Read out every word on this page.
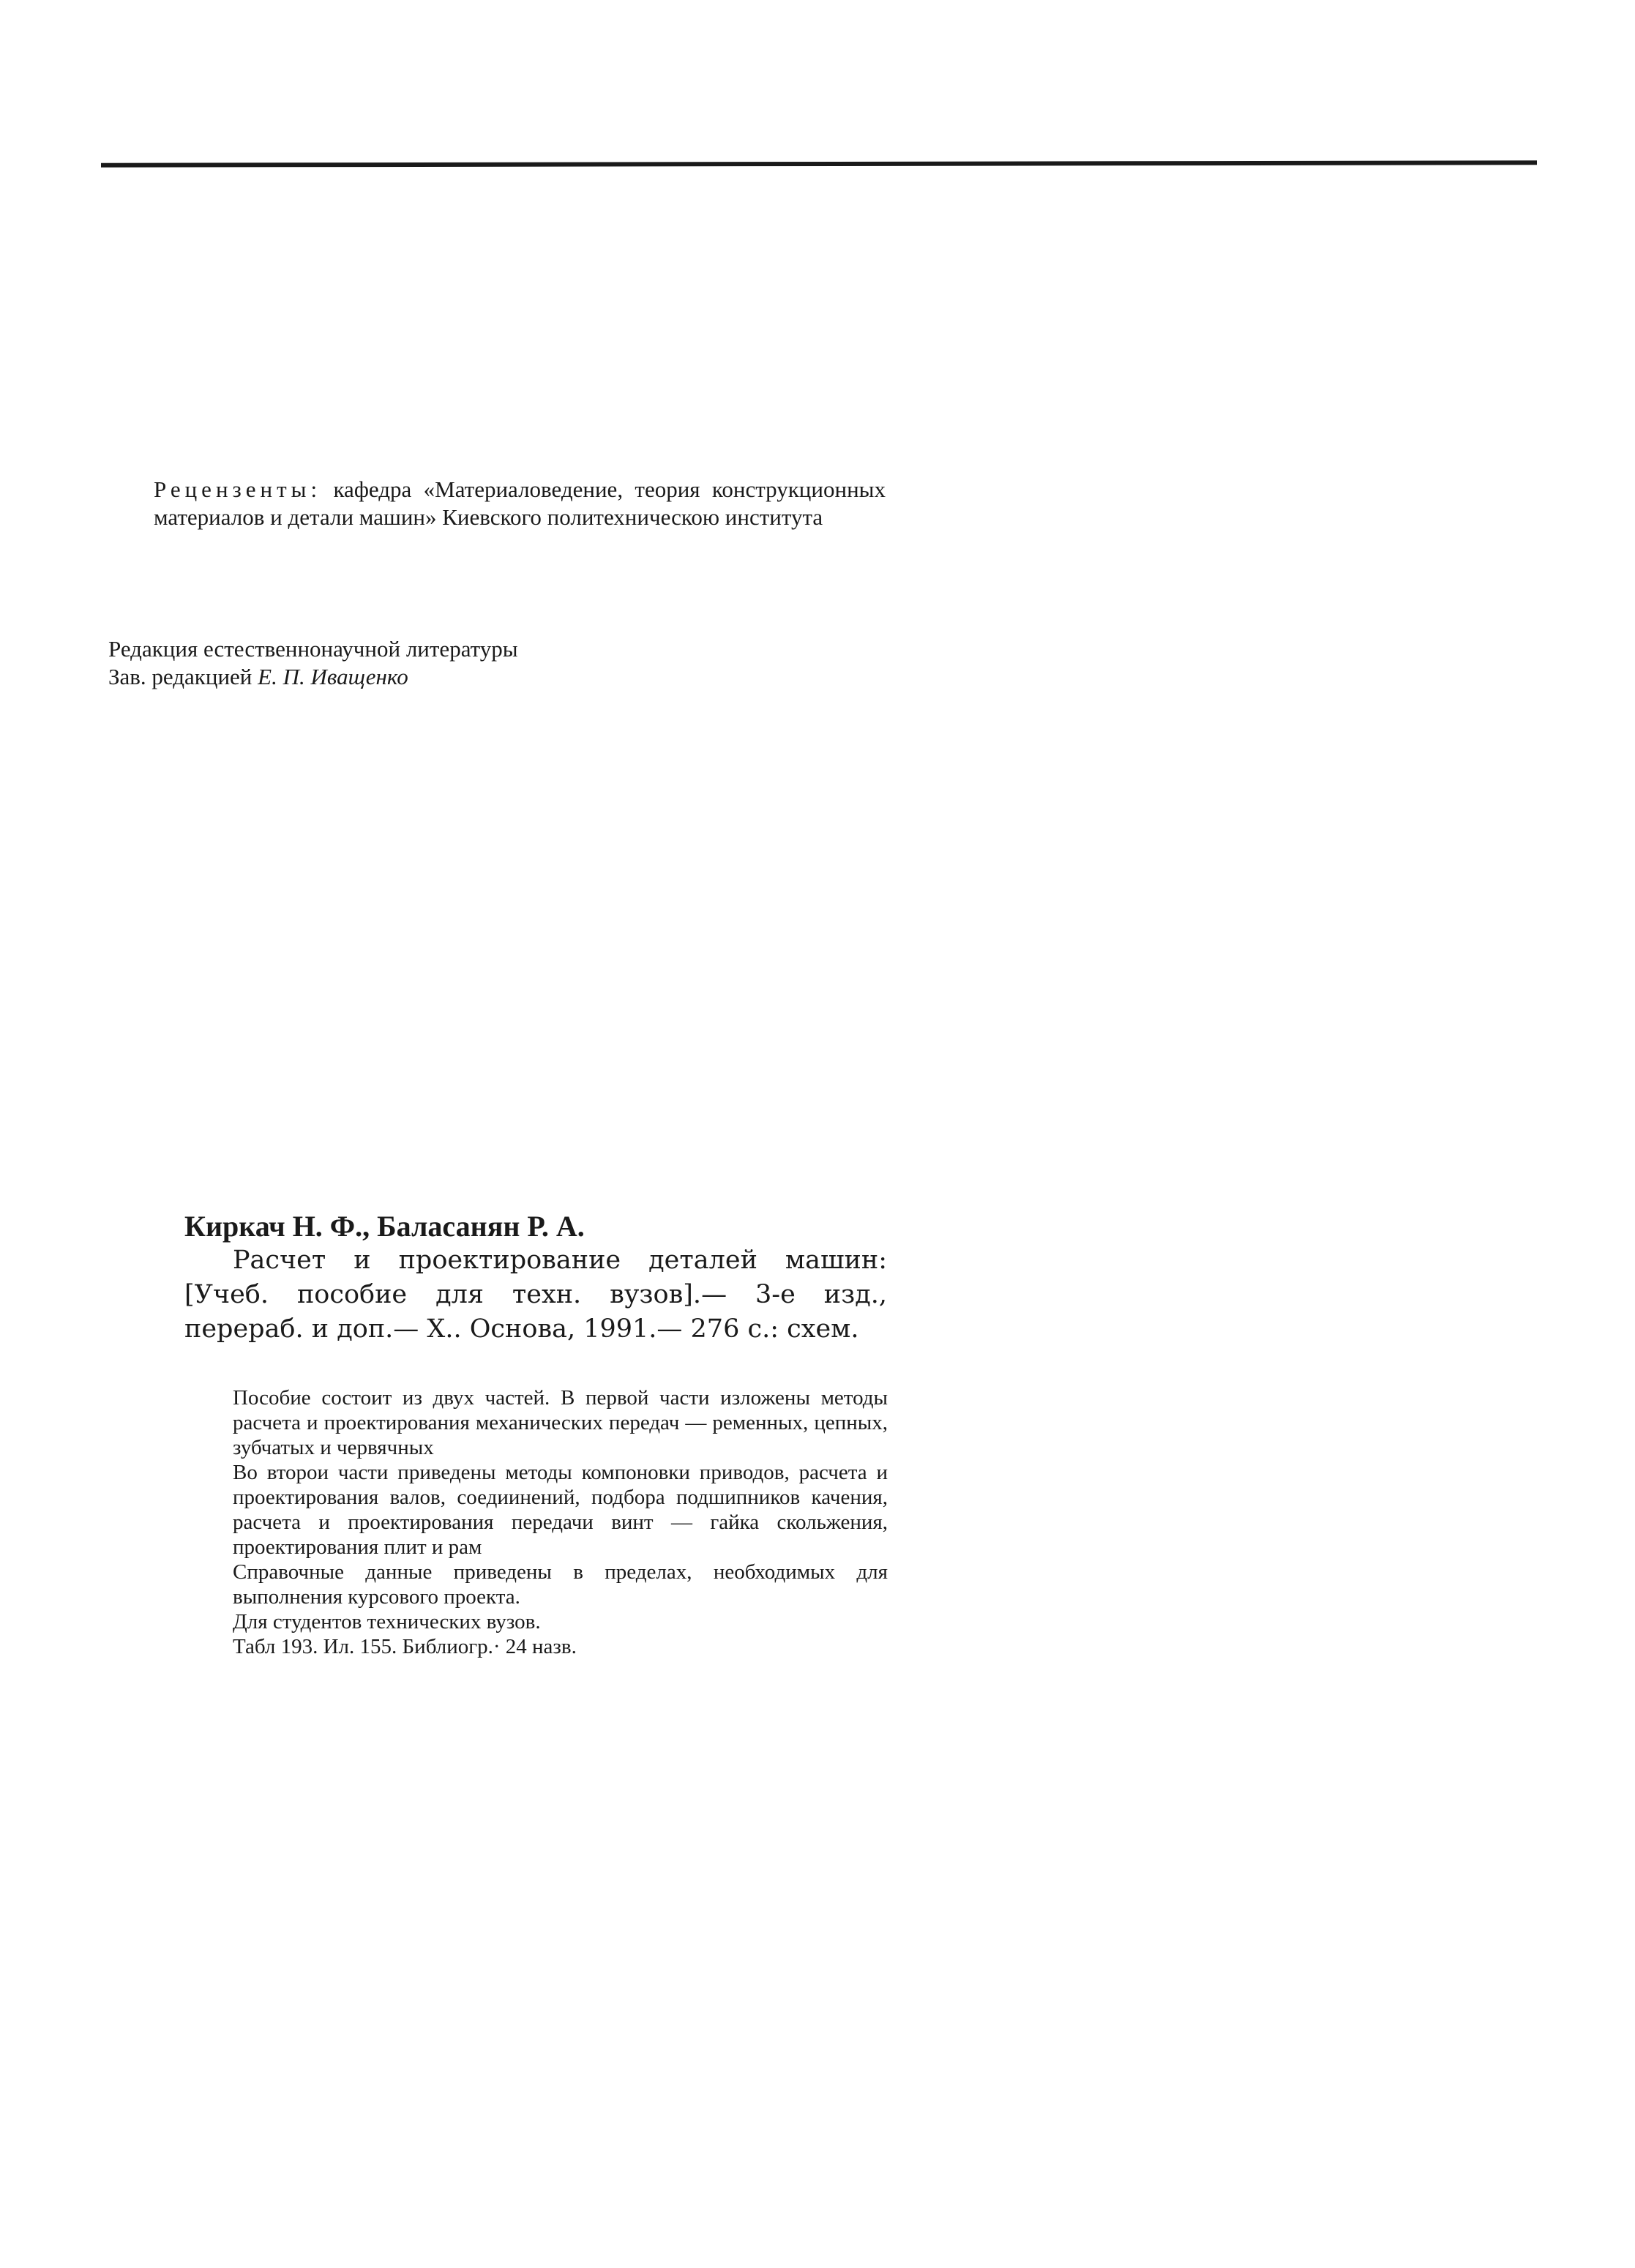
Рецензенты: кафедра «Материаловедение, теория конструкционных материалов и детали машин» Киевского политехническою института

Редакция естественнонаучной литературы

Зав. редакцией Е. П. Иващенко

Киркач Н. Ф., Баласанян Р. А.

Расчет и проектирование деталей машин: [Учеб. пособие для техн. вузов].— 3-е изд., перераб. и доп.— X.. Основа, 1991.— 276 с.: схем.

Пособие состоит из двух частей. В первой части изложены методы расчета и проектирования механических передач — ременных, цепных, зубчатых и червячных

Во второи части приведены методы компоновки приводов, расчета и проектирования валов, соедиинений, подбора подшипников качения, расчета и проектирования передачи винт — гайка скольжения, проектирования плит и рам

Справочные данные приведены в пределах, необходимых для выполнения курсового проекта.

Для студентов технических вузов.

Табл 193. Ил. 155. Библиогр.· 24 назв.
